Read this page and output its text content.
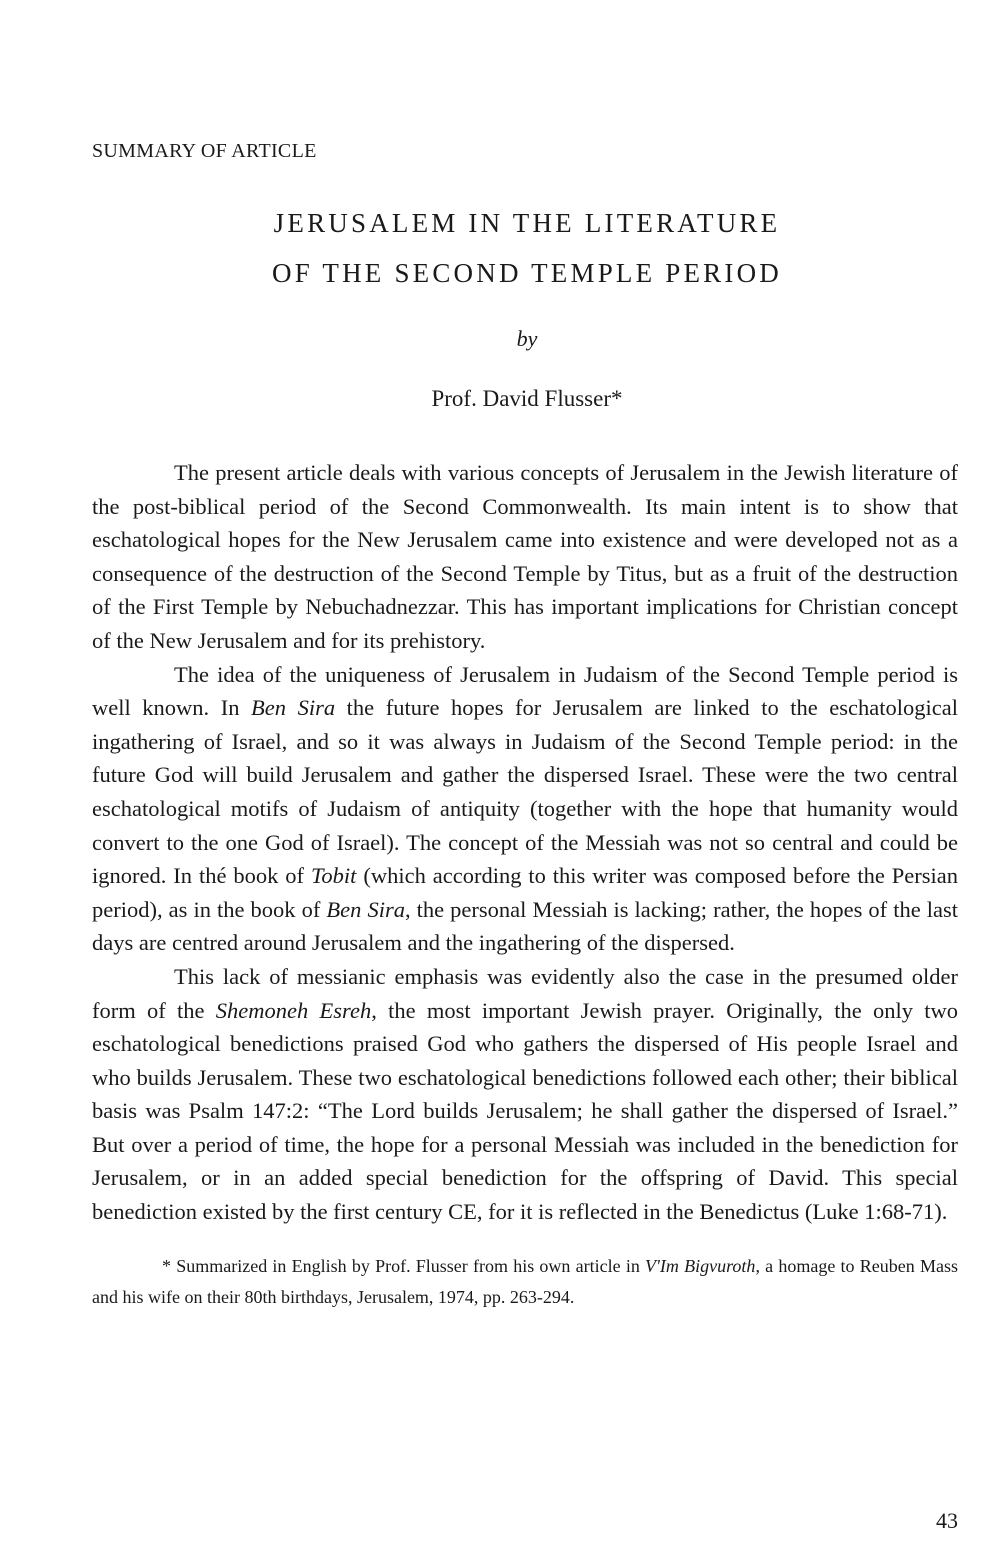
SUMMARY OF ARTICLE
JERUSALEM IN THE LITERATURE
OF THE SECOND TEMPLE PERIOD
by
Prof. David Flusser*

The present article deals with various concepts of Jerusalem in the Jewish literature of the post-biblical period of the Second Commonwealth. Its main intent is to show that eschatological hopes for the New Jerusalem came into existence and were developed not as a consequence of the destruction of the Second Temple by Titus, but as a fruit of the destruction of the First Temple by Nebuchadnezzar. This has important implications for Christian concept of the New Jerusalem and for its prehistory.

The idea of the uniqueness of Jerusalem in Judaism of the Second Temple period is well known. In Ben Sira the future hopes for Jerusalem are linked to the eschatological ingathering of Israel, and so it was always in Judaism of the Second Temple period: in the future God will build Jerusalem and gather the dispersed Israel. These were the two central eschatological motifs of Judaism of antiquity (together with the hope that humanity would convert to the one God of Israel). The concept of the Messiah was not so central and could be ignored. In thé book of Tobit (which according to this writer was composed before the Persian period), as in the book of Ben Sira, the personal Messiah is lacking; rather, the hopes of the last days are centred around Jerusalem and the ingathering of the dispersed.

This lack of messianic emphasis was evidently also the case in the presumed older form of the Shemoneh Esreh, the most important Jewish prayer. Originally, the only two eschatological benedictions praised God who gathers the dispersed of His people Israel and who builds Jerusalem. These two eschatological benedictions followed each other; their biblical basis was Psalm 147:2: “The Lord builds Jerusalem; he shall gather the dispersed of Israel.” But over a period of time, the hope for a personal Messiah was included in the benediction for Jerusalem, or in an added special benediction for the offspring of David. This special benediction existed by the first century CE, for it is reflected in the Benedictus (Luke 1:68-71).

* Summarized in English by Prof. Flusser from his own article in V'Im Bigvuroth, a homage to Reuben Mass and his wife on their 80th birthdays, Jerusalem, 1974, pp. 263-294.

43
